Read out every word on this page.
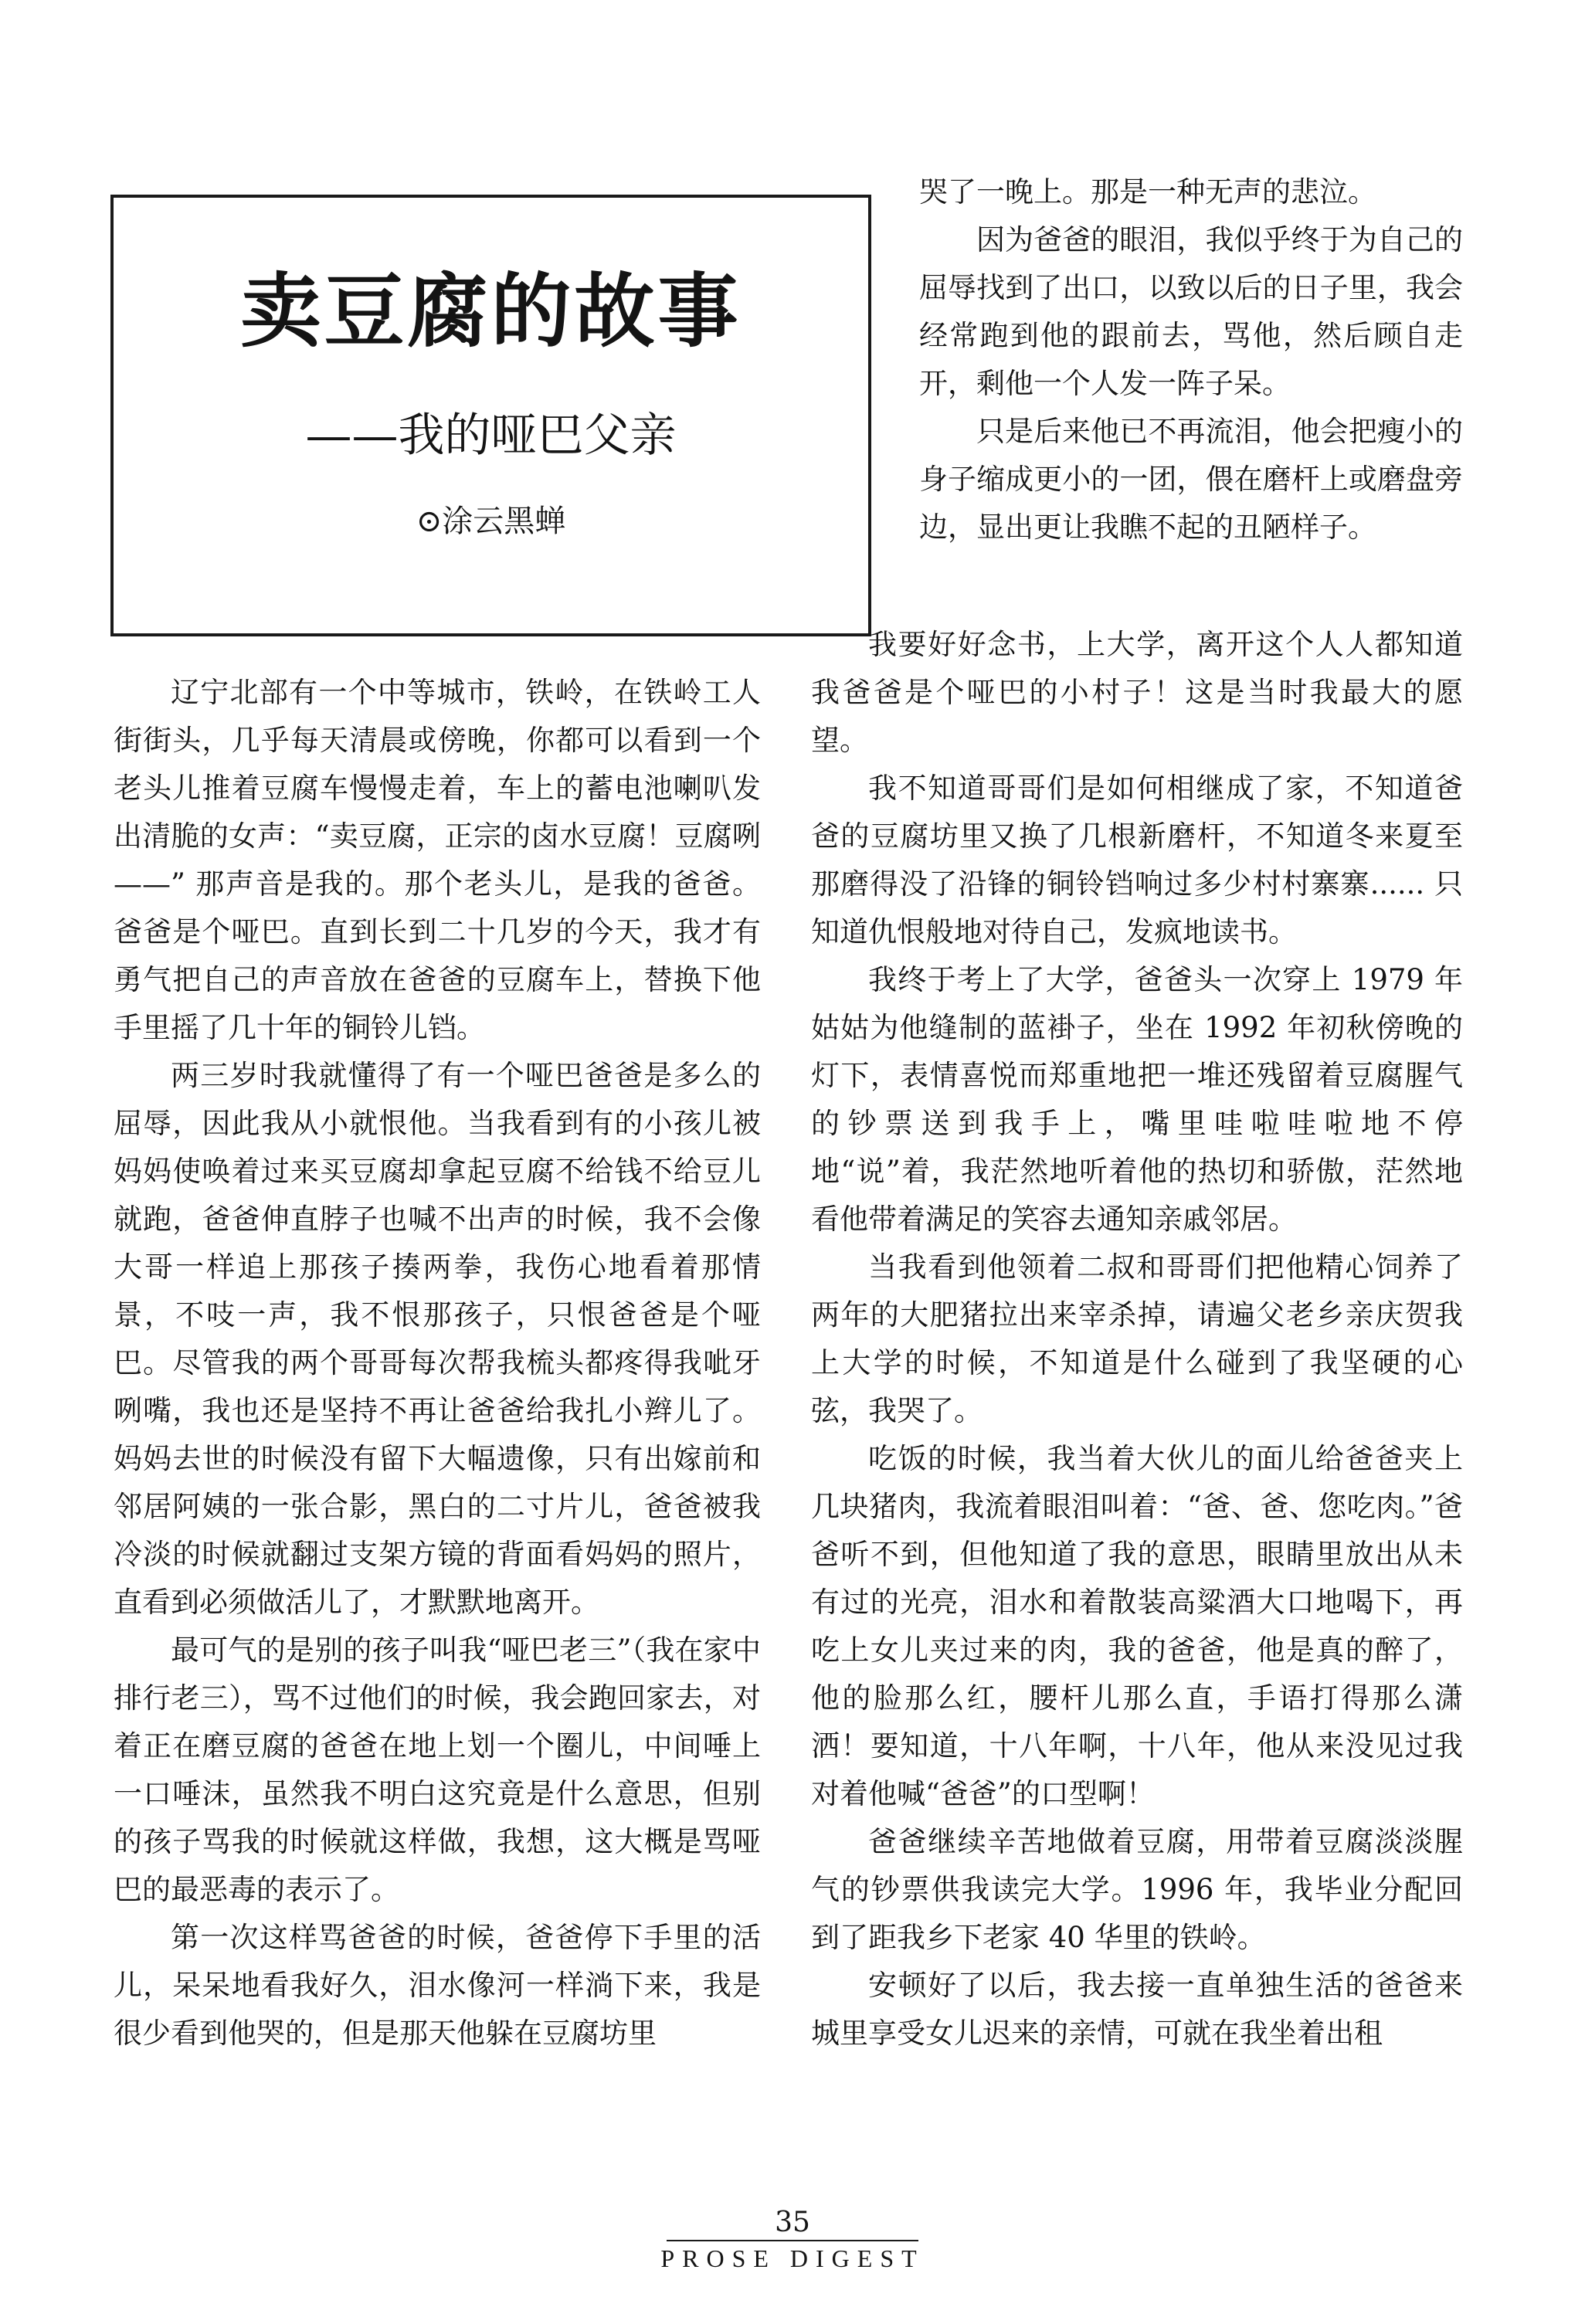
卖豆腐的故事
——我的哑巴父亲
⊙涂云黑蝉

哭了一晚上。那是一种无声的悲泣。

因为爸爸的眼泪，我似乎终于为自己的屈辱找到了出口，以致以后的日子里，我会经常跑到他的跟前去，骂他，然后顾自走开，剩他一个人发一阵子呆。

只是后来他已不再流泪，他会把瘦小的身子缩成更小的一团，偎在磨杆上或磨盘旁边，显出更让我瞧不起的丑陋样子。

辽宁北部有一个中等城市，铁岭，在铁岭工人街街头，几乎每天清晨或傍晚，你都可以看到一个老头儿推着豆腐车慢慢走着，车上的蓄电池喇叭发出清脆的女声：“卖豆腐，正宗的卤水豆腐！豆腐咧——” 那声音是我的。那个老头儿，是我的爸爸。爸爸是个哑巴。直到长到二十几岁的今天，我才有勇气把自己的声音放在爸爸的豆腐车上，替换下他手里摇了几十年的铜铃儿铛。

两三岁时我就懂得了有一个哑巴爸爸是多么的屈辱，因此我从小就恨他。当我看到有的小孩儿被妈妈使唤着过来买豆腐却拿起豆腐不给钱不给豆儿就跑，爸爸伸直脖子也喊不出声的时候，我不会像大哥一样追上那孩子揍两拳，我伤心地看着那情景，不吱一声，我不恨那孩子，只恨爸爸是个哑巴。尽管我的两个哥哥每次帮我梳头都疼得我呲牙咧嘴，我也还是坚持不再让爸爸给我扎小辫儿了。妈妈去世的时候没有留下大幅遗像，只有出嫁前和邻居阿姨的一张合影，黑白的二寸片儿，爸爸被我冷淡的时候就翻过支架方镜的背面看妈妈的照片，直看到必须做活儿了，才默默地离开。

最可气的是别的孩子叫我“哑巴老三”（我在家中排行老三），骂不过他们的时候，我会跑回家去，对着正在磨豆腐的爸爸在地上划一个圈儿，中间唾上一口唾沫，虽然我不明白这究竟是什么意思，但别的孩子骂我的时候就这样做，我想，这大概是骂哑巴的最恶毒的表示了。

第一次这样骂爸爸的时候，爸爸停下手里的活儿，呆呆地看我好久，泪水像河一样淌下来，我是很少看到他哭的，但是那天他躲在豆腐坊里

我要好好念书，上大学，离开这个人人都知道我爸爸是个哑巴的小村子！这是当时我最大的愿望。

我不知道哥哥们是如何相继成了家，不知道爸爸的豆腐坊里又换了几根新磨杆，不知道冬来夏至那磨得没了沿锋的铜铃铛响过多少村村寨寨...... 只知道仇恨般地对待自己，发疯地读书。

我终于考上了大学，爸爸头一次穿上 1979 年姑姑为他缝制的蓝褂子，坐在 1992 年初秋傍晚的灯下，表情喜悦而郑重地把一堆还残留着豆腐腥气的钞票送到我手上，嘴里哇啦哇啦地不停地“说”着，我茫然地听着他的热切和骄傲，茫然地看他带着满足的笑容去通知亲戚邻居。

当我看到他领着二叔和哥哥们把他精心饲养了两年的大肥猪拉出来宰杀掉，请遍父老乡亲庆贺我上大学的时候，不知道是什么碰到了我坚硬的心弦，我哭了。

吃饭的时候，我当着大伙儿的面儿给爸爸夹上几块猪肉，我流着眼泪叫着：“爸、爸、您吃肉。”爸爸听不到，但他知道了我的意思，眼睛里放出从未有过的光亮，泪水和着散装高粱酒大口地喝下，再吃上女儿夹过来的肉，我的爸爸，他是真的醉了，他的脸那么红，腰杆儿那么直，手语打得那么潇洒！要知道，十八年啊，十八年，他从来没见过我对着他喊“爸爸”的口型啊！

爸爸继续辛苦地做着豆腐，用带着豆腐淡淡腥气的钞票供我读完大学。1996 年，我毕业分配回到了距我乡下老家 40 华里的铁岭。

安顿好了以后，我去接一直单独生活的爸爸来城里享受女儿迟来的亲情，可就在我坐着出租

35
PROSE DIGEST
